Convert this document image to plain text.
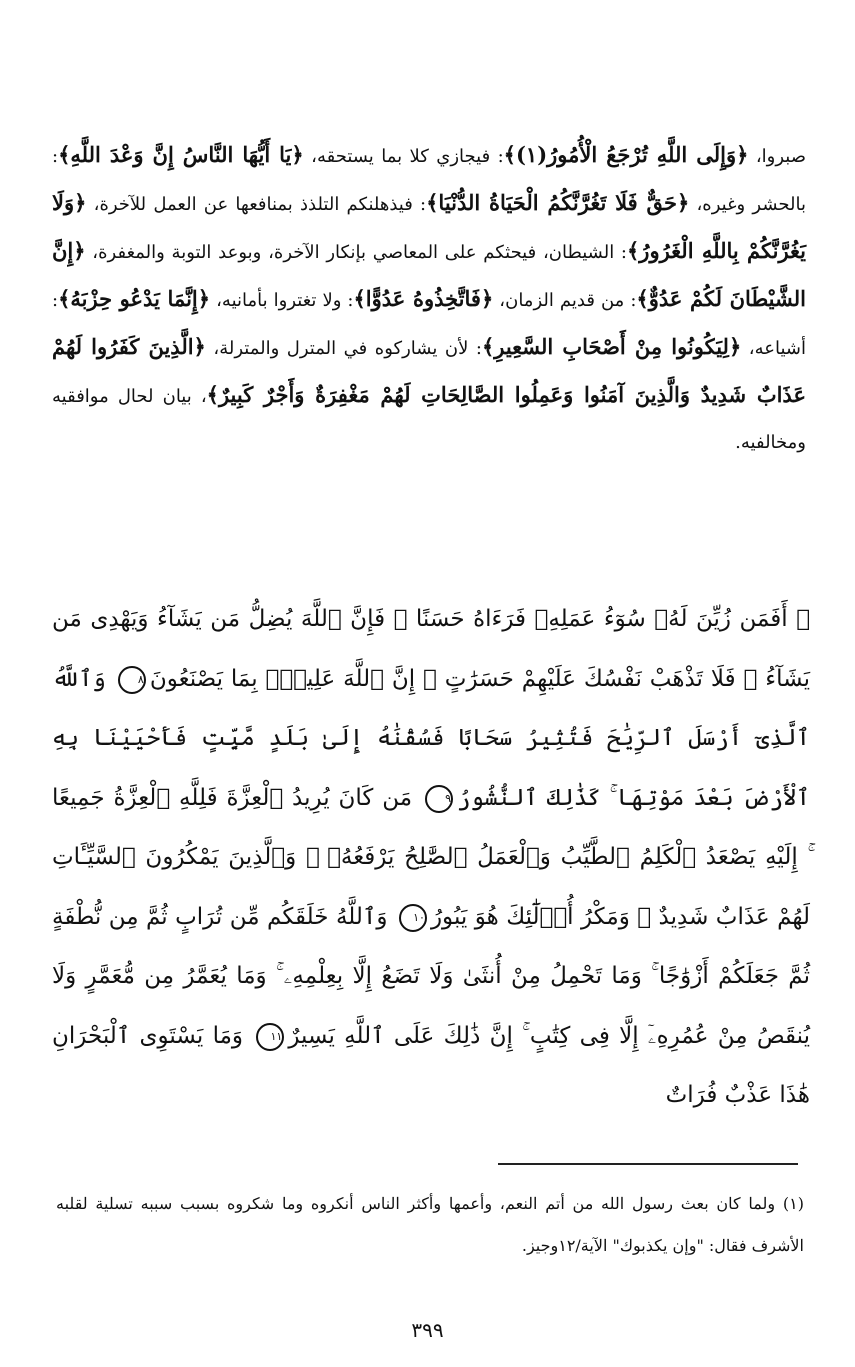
صبروا، ﴿وَإِلَى اللَّهِ تُرْجَعُ الْأُمُورُ(١)﴾: فيجازي كلا بما يستحقه، ﴿يَا أَيُّهَا النَّاسُ إِنَّ وَعْدَ اللَّهِ﴾: بالحشر وغيره، ﴿حَقٌّ فَلَا تَغُرَّنَّكُمُ الْحَيَاةُ الدُّنْيَا﴾: فيذهلنكم التلذذ بمنافعها عن العمل للآخرة، ﴿وَلَا يَغُرَّنَّكُمْ بِاللَّهِ الْغَرُورُ﴾: الشيطان، فيحثكم على المعاصي بإنكار الآخرة، وبوعد التوبة والمغفرة، ﴿إِنَّ الشَّيْطَانَ لَكُمْ عَدُوٌّ﴾: من قديم الزمان، ﴿فَاتَّخِذُوهُ عَدُوًّا﴾: ولا تغتروا بأمانيه، ﴿إِنَّمَا يَدْعُو حِزْبَهُ﴾: أشياعه، ﴿لِيَكُونُوا مِنْ أَصْحَابِ السَّعِيرِ﴾: لأن يشاركوه في المترل والمترلة، ﴿الَّذِينَ كَفَرُوا لَهُمْ عَذَابٌ شَدِيدٌ وَالَّذِينَ آمَنُوا وَعَمِلُوا الصَّالِحَاتِ لَهُمْ مَغْفِرَةٌ وَأَجْرٌ كَبِيرٌ﴾، بيان لحال موافقيه ومخالفيه.

﴿ أَفَمَن زُيِّنَ لَهُۥ سُوٓءُ عَمَلِهِۦ فَرَءَاهُ حَسَنًا ۖ فَإِنَّ ٱللَّهَ يُضِلُّ مَن يَشَآءُ وَيَهْدِى مَن يَشَآءُ ۖ فَلَا تَذْهَبْ نَفْسُكَ عَلَيْهِمْ حَسَرَٰتٍ ۚ إِنَّ ٱللَّهَ عَلِيمٌۢ بِمَا يَصْنَعُونَ٨ وَٱللَّهُ ٱلَّذِىٓ أَرْسَلَ ٱلرِّيَٰحَ فَتُثِيرُ سَحَابًا فَسُقْنَٰهُ إِلَىٰ بَلَدٍ مَّيِّتٍ فَأَحْيَيْنَا بِهِ ٱلْأَرْضَ بَعْدَ مَوْتِهَا ۚ كَذَٰلِكَ ٱلنُّشُورُ٩ مَن كَانَ يُرِيدُ ٱلْعِزَّةَ فَلِلَّهِ ٱلْعِزَّةُ جَمِيعًا ۚ إِلَيْهِ يَصْعَدُ ٱلْكَلِمُ ٱلطَّيِّبُ وَٱلْعَمَلُ ٱلصَّٰلِحُ يَرْفَعُهُۥ ۚ وَٱلَّذِينَ يَمْكُرُونَ ٱلسَّيِّـَٔاتِ لَهُمْ عَذَابٌ شَدِيدٌ ۖ وَمَكْرُ أُو۟لَٰٓئِكَ هُوَ يَبُورُ١٠ وَٱللَّهُ خَلَقَكُم مِّن تُرَابٍ ثُمَّ مِن نُّطْفَةٍ ثُمَّ جَعَلَكُمْ أَزْوَٰجًا ۚ وَمَا تَحْمِلُ مِنْ أُنثَىٰ وَلَا تَضَعُ إِلَّا بِعِلْمِهِۦ ۚ وَمَا يُعَمَّرُ مِن مُّعَمَّرٍ وَلَا يُنقَصُ مِنْ عُمُرِهِۦٓ إِلَّا فِى كِتَٰبٍ ۚ إِنَّ ذَٰلِكَ عَلَى ٱللَّهِ يَسِيرٌ١١ وَمَا يَسْتَوِى ٱلْبَحْرَانِ هَٰذَا عَذْبٌ فُرَاتٌ

(١) ولما كان بعث رسول الله من أتم النعم، وأعمها وأكثر الناس أنكروه وما شكروه بسبب سببه تسلية لقلبه الأشرف فقال: "وإن يكذبوك" الآية/١٢وجيز.

٣٩٩
